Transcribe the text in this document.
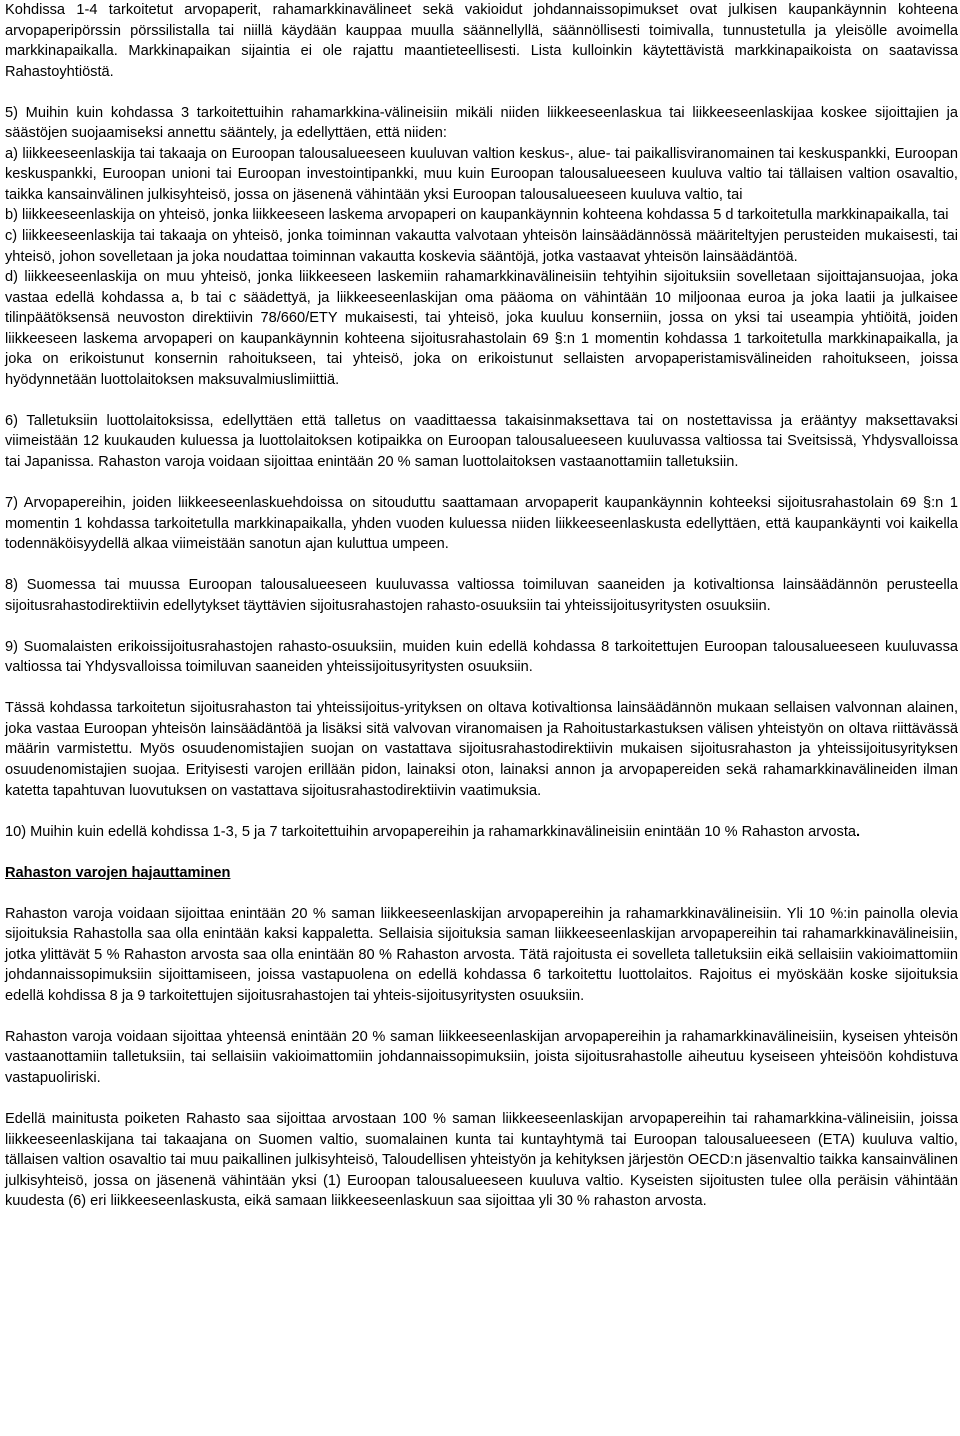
Kohdissa 1-4 tarkoitetut arvopaperit, rahamarkkinavälineet sekä vakioidut johdannaissopimukset ovat julkisen kaupankäynnin kohteena arvopaperipörssin pörssilistalla tai niillä käydään kauppaa muulla säännellyllä, säännöllisesti toimivalla, tunnustetulla ja yleisölle avoimella markkinapaikalla. Markkinapaikan sijaintia ei ole rajattu maantieteellisesti. Lista kulloinkin käytettävistä markkinapaikoista on saatavissa Rahastoyhtiöstä.

5) Muihin kuin kohdassa 3 tarkoitettuihin rahamarkkina-välineisiin mikäli niiden liikkeeseenlaskua tai liikkeeseenlaskijaa koskee sijoittajien ja säästöjen suojaamiseksi annettu sääntely, ja edellyttäen, että niiden:

a) liikkeeseenlaskija tai takaaja on Euroopan talousalueeseen kuuluvan valtion keskus-, alue- tai paikallisviranomainen tai keskuspankki, Euroopan keskuspankki, Euroopan unioni tai Euroopan investointipankki, muu kuin Euroopan talousalueeseen kuuluva valtio tai tällaisen valtion osavaltio, taikka kansainvälinen julkisyhteisö, jossa on jäsenenä vähintään yksi Euroopan talousalueeseen kuuluva valtio, tai

b) liikkeeseenlaskija on yhteisö, jonka liikkeeseen laskema arvopaperi on kaupankäynnin kohteena kohdassa 5 d tarkoitetulla markkinapaikalla, tai

c) liikkeeseenlaskija tai takaaja on yhteisö, jonka toiminnan vakautta valvotaan yhteisön lainsäädännössä määriteltyjen perusteiden mukaisesti, tai yhteisö, johon sovelletaan ja joka noudattaa toiminnan vakautta koskevia sääntöjä, jotka vastaavat yhteisön lainsäädäntöä.

d) liikkeeseenlaskija on muu yhteisö, jonka liikkeeseen laskemiin rahamarkkinavälineisiin tehtyihin sijoituksiin sovelletaan sijoittajansuojaa, joka vastaa edellä kohdassa a, b tai c säädettyä, ja liikkeeseenlaskijan oma pääoma on vähintään 10 miljoonaa euroa ja joka laatii ja julkaisee tilinpäätöksensä neuvoston direktiivin 78/660/ETY mukaisesti, tai yhteisö, joka kuuluu konserniin, jossa on yksi tai useampia yhtiöitä, joiden liikkeeseen laskema arvopaperi on kaupankäynnin kohteena sijoitusrahastolain 69 §:n 1 momentin kohdassa 1 tarkoitetulla markkinapaikalla, ja joka on erikoistunut konsernin rahoitukseen, tai yhteisö, joka on erikoistunut sellaisten arvopaperistamisvälineiden rahoitukseen, joissa hyödynnetään luottolaitoksen maksuvalmiuslimiittiä.

6) Talletuksiin luottolaitoksissa, edellyttäen että talletus on vaadittaessa takaisinmaksettava tai on nostettavissa ja erääntyy maksettavaksi viimeistään 12 kuukauden kuluessa ja luottolaitoksen kotipaikka on Euroopan talousalueeseen kuuluvassa valtiossa tai Sveitsissä, Yhdysvalloissa tai Japanissa. Rahaston varoja voidaan sijoittaa enintään 20 % saman luottolaitoksen vastaanottamiin talletuksiin.

7) Arvopapereihin, joiden liikkeeseenlaskuehdoissa on sitouduttu saattamaan arvopaperit kaupankäynnin kohteeksi sijoitusrahastolain 69 §:n 1 momentin 1 kohdassa tarkoitetulla markkinapaikalla, yhden vuoden kuluessa niiden liikkeeseenlaskusta edellyttäen, että kaupankäynti voi kaikella todennäköisyydellä alkaa viimeistään sanotun ajan kuluttua umpeen.

8) Suomessa tai muussa Euroopan talousalueeseen kuuluvassa valtiossa toimiluvan saaneiden ja kotivaltionsa lainsäädännön perusteella sijoitusrahastodirektiivin edellytykset täyttävien sijoitusrahastojen rahasto-osuuksiin tai yhteissijoitusyritysten osuuksiin.

9) Suomalaisten erikoissijoitusrahastojen rahasto-osuuksiin, muiden kuin edellä kohdassa 8 tarkoitettujen Euroopan talousalueeseen kuuluvassa valtiossa tai Yhdysvalloissa toimiluvan saaneiden yhteissijoitusyritysten osuuksiin.

Tässä kohdassa tarkoitetun sijoitusrahaston tai yhteissijoitus-yrityksen on oltava kotivaltionsa lainsäädännön mukaan sellaisen valvonnan alainen, joka vastaa Euroopan yhteisön lainsäädäntöä ja lisäksi sitä valvovan viranomaisen ja Rahoitustarkastuksen välisen yhteistyön on oltava riittävässä määrin varmistettu. Myös osuudenomistajien suojan on vastattava sijoitusrahastodirektiivin mukaisen sijoitusrahaston ja yhteissijoitusyrityksen osuudenomistajien suojaa. Erityisesti varojen erillään pidon, lainaksi oton, lainaksi annon ja arvopapereiden sekä rahamarkkinavälineiden ilman katetta tapahtuvan luovutuksen on vastattava sijoitusrahastodirektiivin vaatimuksia.

10) Muihin kuin edellä kohdissa 1-3, 5 ja 7 tarkoitettuihin arvopapereihin ja rahamarkkinavälineisiin enintään 10 % Rahaston arvosta.

Rahaston varojen hajauttaminen

Rahaston varoja voidaan sijoittaa enintään 20 % saman liikkeeseenlaskijan arvopapereihin ja rahamarkkinavälineisiin. Yli 10 %:in painolla olevia sijoituksia Rahastolla saa olla enintään kaksi kappaletta. Sellaisia sijoituksia saman liikkeeseenlaskijan arvopapereihin tai rahamarkkinavälineisiin, jotka ylittävät 5 % Rahaston arvosta saa olla enintään 80 % Rahaston arvosta. Tätä rajoitusta ei sovelleta talletuksiin eikä sellaisiin vakioimattomiin johdannaissopimuksiin sijoittamiseen, joissa vastapuolena on edellä kohdassa 6 tarkoitettu luottolaitos. Rajoitus ei myöskään koske sijoituksia edellä kohdissa 8 ja 9 tarkoitettujen sijoitusrahastojen tai yhteis-sijoitusyritysten osuuksiin.

Rahaston varoja voidaan sijoittaa yhteensä enintään 20 % saman liikkeeseenlaskijan arvopapereihin ja rahamarkkinavälineisiin, kyseisen yhteisön vastaanottamiin talletuksiin, tai sellaisiin vakioimattomiin johdannaissopimuksiin, joista sijoitusrahastolle aiheutuu kyseiseen yhteisöön kohdistuva vastapuoliriski.

Edellä mainitusta poiketen Rahasto saa sijoittaa arvostaan 100 % saman liikkeeseenlaskijan arvopapereihin tai rahamarkkina-välineisiin, joissa liikkeeseenlaskijana tai takaajana on Suomen valtio, suomalainen kunta tai kuntayhtymä tai Euroopan talousalueeseen (ETA) kuuluva valtio, tällaisen valtion osavaltio tai muu paikallinen julkisyhteisö, Taloudellisen yhteistyön ja kehityksen järjestön OECD:n jäsenvaltio taikka kansainvälinen julkisyhteisö, jossa on jäsenenä vähintään yksi (1) Euroopan talousalueeseen kuuluva valtio. Kyseisten sijoitusten tulee olla peräisin vähintään kuudesta (6) eri liikkeeseenlaskusta, eikä samaan liikkeeseenlaskuun saa sijoittaa yli 30 % rahaston arvosta.
